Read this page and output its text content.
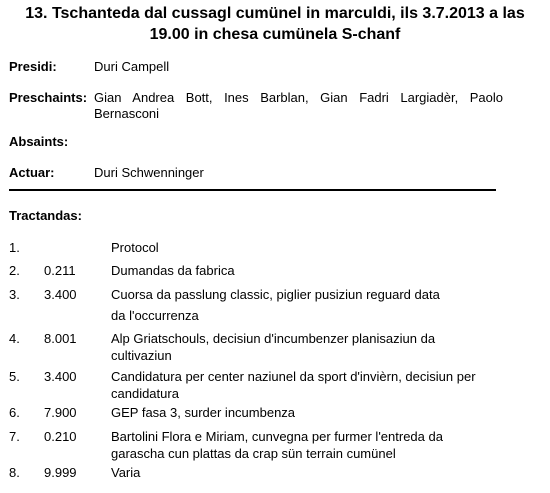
13. Tschanteda dal cussagl cumünel in marculdi, ils 3.7.2013 a las
19.00 in chesa cumünela S-chanf
Presidi:	Duri Campell
Preschaints: Gian Andrea Bott, Ines Barblan, Gian Fadri Largiadèr, Paolo
Bernasconi
Absaints:
Actuar:	Duri Schwenninger
Tractandas:
1.	Protocol
2. 0.211	Dumandas da fabrica
3. 3.400	Cuorsa da passlung classic, piglier pusiziun reguard data
da l'occurrenza
4. 8.001	Alp Griatschouls, decisiun d'incumbenzer planisaziun da
cultivaziun
5. 3.400	Candidatura per center naziunel da sport d'invièrn, decisiun per
candidatura
6. 7.900	GEP fasa 3, surder incumbenza
7. 0.210	Bartolini Flora e Miriam, cunvegna per furmer l'entreda da
garascha cun plattas da crap sün terrain cumünel
8. 9.999	Varia
